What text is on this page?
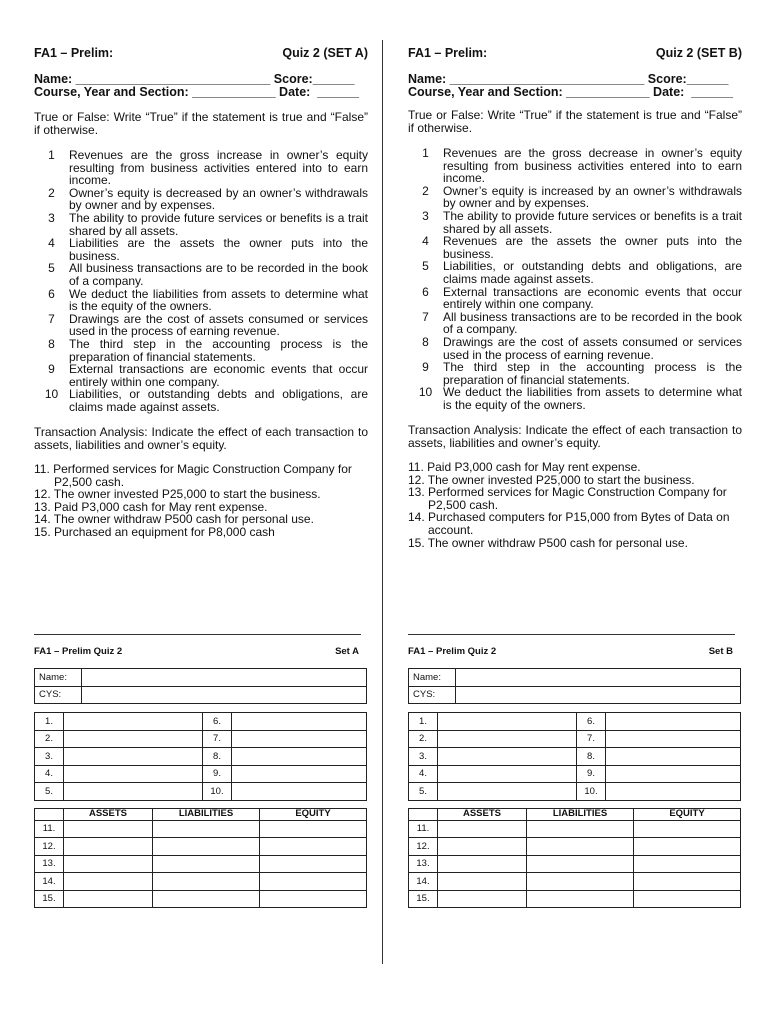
FA1 – Prelim:	Quiz 2 (SET A)
Name: ____________________________ Score:______
Course, Year and Section: ____________ Date:  ______
True or False: Write “True” if the statement is true and “False” if otherwise.
1	Revenues are the gross increase in owner’s equity resulting from business activities entered into to earn income.
2	Owner’s equity is decreased by an owner’s withdrawals by owner and by expenses.
3	The ability to provide future services or benefits is a trait shared by all assets.
4	Liabilities are the assets the owner puts into the business.
5	All business transactions are to be recorded in the book of a company.
6	We deduct the liabilities from assets to determine what is the equity of the owners.
7	Drawings are the cost of assets consumed or services used in the process of earning revenue.
8	The third step in the accounting process is the preparation of financial statements.
9	External transactions are economic events that occur entirely within one company.
10 Liabilities, or outstanding debts and obligations, are claims made against assets.
Transaction Analysis: Indicate the effect of each transaction to assets, liabilities and owner’s equity.
11. Performed services for Magic Construction Company for P2,500 cash.
12. The owner invested P25,000 to start the business.
13. Paid P3,000 cash for May rent expense.
14. The owner withdraw P500 cash for personal use.
15. Purchased an equipment for P8,000 cash
FA1 – Prelim Quiz 2	Set A
Name:	
CYS:	
1.		6.	
2.		7.	
3.		8.	
4.		9.	
5.		10.	
	ASSETS	LIABILITIES	EQUITY
11.			
12.			
13.			
14.			
15.			
FA1 – Prelim:	Quiz 2 (SET B)
Name: ____________________________ Score:______
Course, Year and Section: ____________ Date:  ______
True or False: Write “True” if the statement is true and “False” if otherwise.
1	Revenues are the gross decrease in owner’s equity resulting from business activities entered into to earn income.
2	Owner’s equity is increased by an owner’s withdrawals by owner and by expenses.
3	The ability to provide future services or benefits is a trait shared by all assets.
4	Revenues are the assets the owner puts into the business.
5	Liabilities, or outstanding debts and obligations, are claims made against assets.
6	External transactions are economic events that occur entirely within one company.
7	All business transactions are to be recorded in the book of a company.
8	Drawings are the cost of assets consumed or services used in the process of earning revenue.
9	The third step in the accounting process is the preparation of financial statements.
10 We deduct the liabilities from assets to determine what is the equity of the owners.
Transaction Analysis: Indicate the effect of each transaction to assets, liabilities and owner’s equity.
11. Paid P3,000 cash for May rent expense.
12. The owner invested P25,000 to start the business.
13. Performed services for Magic Construction Company for P2,500 cash.
14. Purchased computers for P15,000 from Bytes of Data on account.
15. The owner withdraw P500 cash for personal use.
FA1 – Prelim Quiz 2	Set B
Name:	
CYS:	
1.		6.	
2.		7.	
3.		8.	
4.		9.	
5.		10.	
	ASSETS	LIABILITIES	EQUITY
11.			
12.			
13.			
14.			
15.			
